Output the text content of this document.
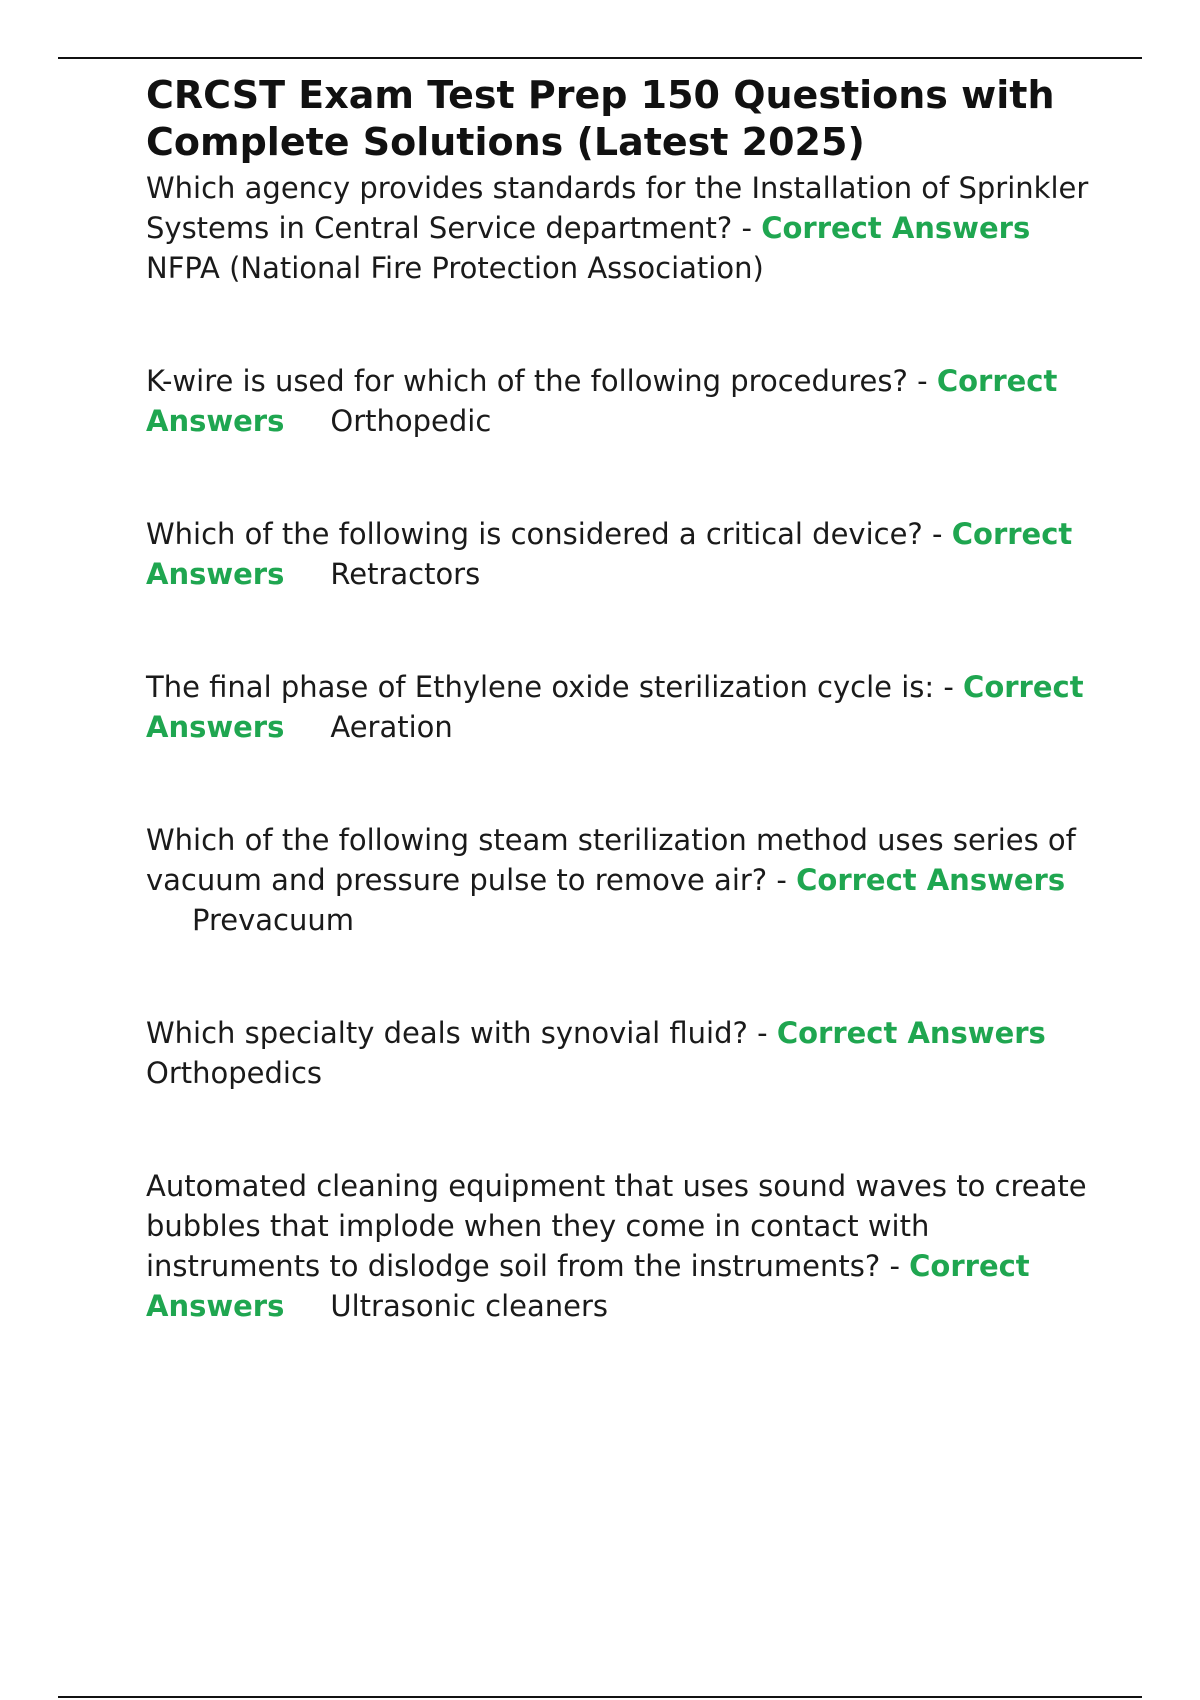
CRCST Exam Test Prep 150 Questions with Complete Solutions (Latest 2025)

Which agency provides standards for the Installation of Sprinkler Systems in Central Service department? - Correct AnswersNFPA (National Fire Protection Association)

K-wire is used for which of the following procedures? - Correct Answers Orthopedic

Which of the following is considered a critical device? - Correct Answers Retractors

The final phase of Ethylene oxide sterilization cycle is: - Correct Answers Aeration

Which of the following steam sterilization method uses series of vacuum and pressure pulse to remove air? - Correct AnswersPrevacuum

Which specialty deals with synovial fluid? - Correct AnswersOrthopedics

Automated cleaning equipment that uses sound waves to create bubbles that implode when they come in contact with instruments to dislodge soil from the instruments? - Correct Answers Ultrasonic cleaners
